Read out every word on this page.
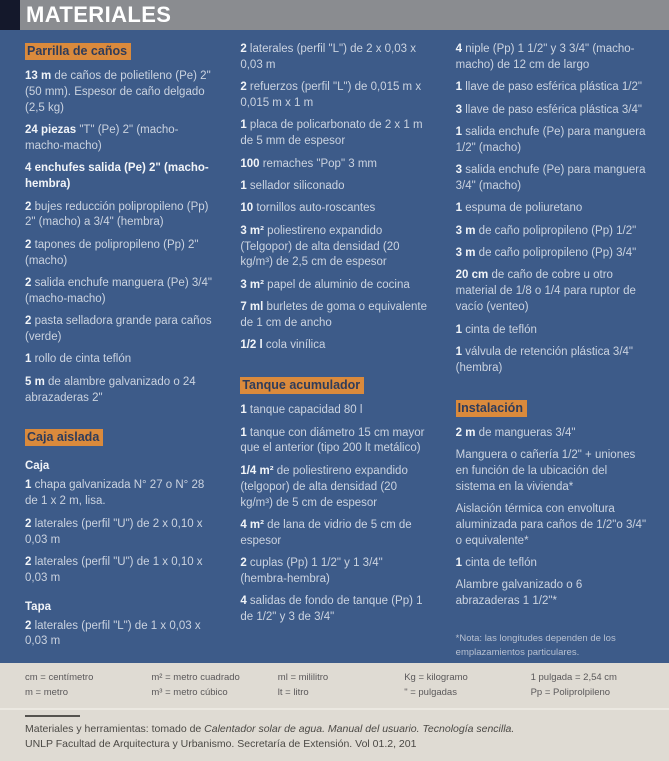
MATERIALES
Parrilla de caños
13 m de caños de polietileno (Pe) 2" (50 mm). Espesor de caño delgado (2,5 kg)
24 piezas "T" (Pe) 2" (macho-macho-macho)
4 enchufes salida (Pe) 2" (macho-hembra)
2 bujes reducción polipropileno (Pp) 2" (macho) a 3/4" (hembra)
2 tapones de polipropileno (Pp) 2" (macho)
2 salida enchufe manguera (Pe) 3/4" (macho-macho)
2 pasta selladora grande para caños (verde)
1 rollo de cinta teflón
5 m de alambre galvanizado o 24 abrazaderas 2"
Caja aislada
Caja
1 chapa galvanizada N° 27 o N° 28 de 1 x 2 m, lisa.
2 laterales (perfil "U") de 2 x 0,10 x 0,03 m
2 laterales (perfil "U") de 1 x 0,10 x 0,03 m
Tapa
2 laterales (perfil "L") de 1 x 0,03 x 0,03 m
2 laterales (perfil "L") de 2 x 0,03 x 0,03 m
2 refuerzos (perfil "L") de 0,015 m x 0,015 m x 1 m
1 placa de policarbonato de 2 x 1 m de 5 mm de espesor
100 remaches "Pop" 3 mm
1 sellador siliconado
10 tornillos auto-roscantes
3 m² poliestireno expandido (Telgopor) de alta densidad (20 kg/m³) de 2,5 cm de espesor
3 m² papel de aluminio de cocina
7 ml burletes de goma o equivalente de 1 cm de ancho
1/2 l cola vinílica
Tanque acumulador
1 tanque capacidad 80 l
1 tanque con diámetro 15 cm mayor que el anterior (tipo 200 lt metálico)
1/4 m² de poliestireno expandido (telgopor) de alta densidad (20 kg/m³) de 5 cm de espesor
4 m² de lana de vidrio de 5 cm de espesor
2 cuplas (Pp) 1 1/2" y 1 3/4" (hembra-hembra)
4 salidas de fondo de tanque (Pp) 1 de 1/2" y 3 de 3/4"
4 niple (Pp) 1 1/2" y 3 3/4" (macho-macho) de 12 cm de largo
1 llave de paso esférica plástica 1/2"
3 llave de paso esférica plástica 3/4"
1 salida enchufe (Pe) para manguera 1/2" (macho)
3 salida enchufe (Pe) para manguera 3/4" (macho)
1 espuma de poliuretano
3 m de caño polipropileno (Pp) 1/2"
3 m de caño polipropileno (Pp) 3/4"
20 cm de caño de cobre u otro material de 1/8 o 1/4 para ruptor de vacío (venteo)
1 cinta de teflón
1 válvula de retención plástica 3/4" (hembra)
Instalación
2 m de mangueras 3/4"
Manguera o cañería 1/2" + uniones en función de la ubicación del sistema en la vivienda*
Aislación térmica con envoltura aluminizada para caños de 1/2"o 3/4" o equivalente*
1 cinta de teflón
Alambre galvanizado o 6 abrazaderas 1 1/2"*
*Nota: las longitudes dependen de los emplazamientos particulares.
cm = centímetro
m = metro
m² = metro cuadrado
m³ = metro cúbico
ml = mililitro
lt = litro
Kg = kilogramo
" = pulgadas
1 pulgada = 2,54 cm
Pp = Poliprolpileno
Materiales y herramientas: tomado de Calentador solar de agua. Manual del usuario. Tecnología sencilla.
UNLP Facultad de Arquitectura y Urbanismo. Secretaría de Extensión. Vol 01.2, 201
